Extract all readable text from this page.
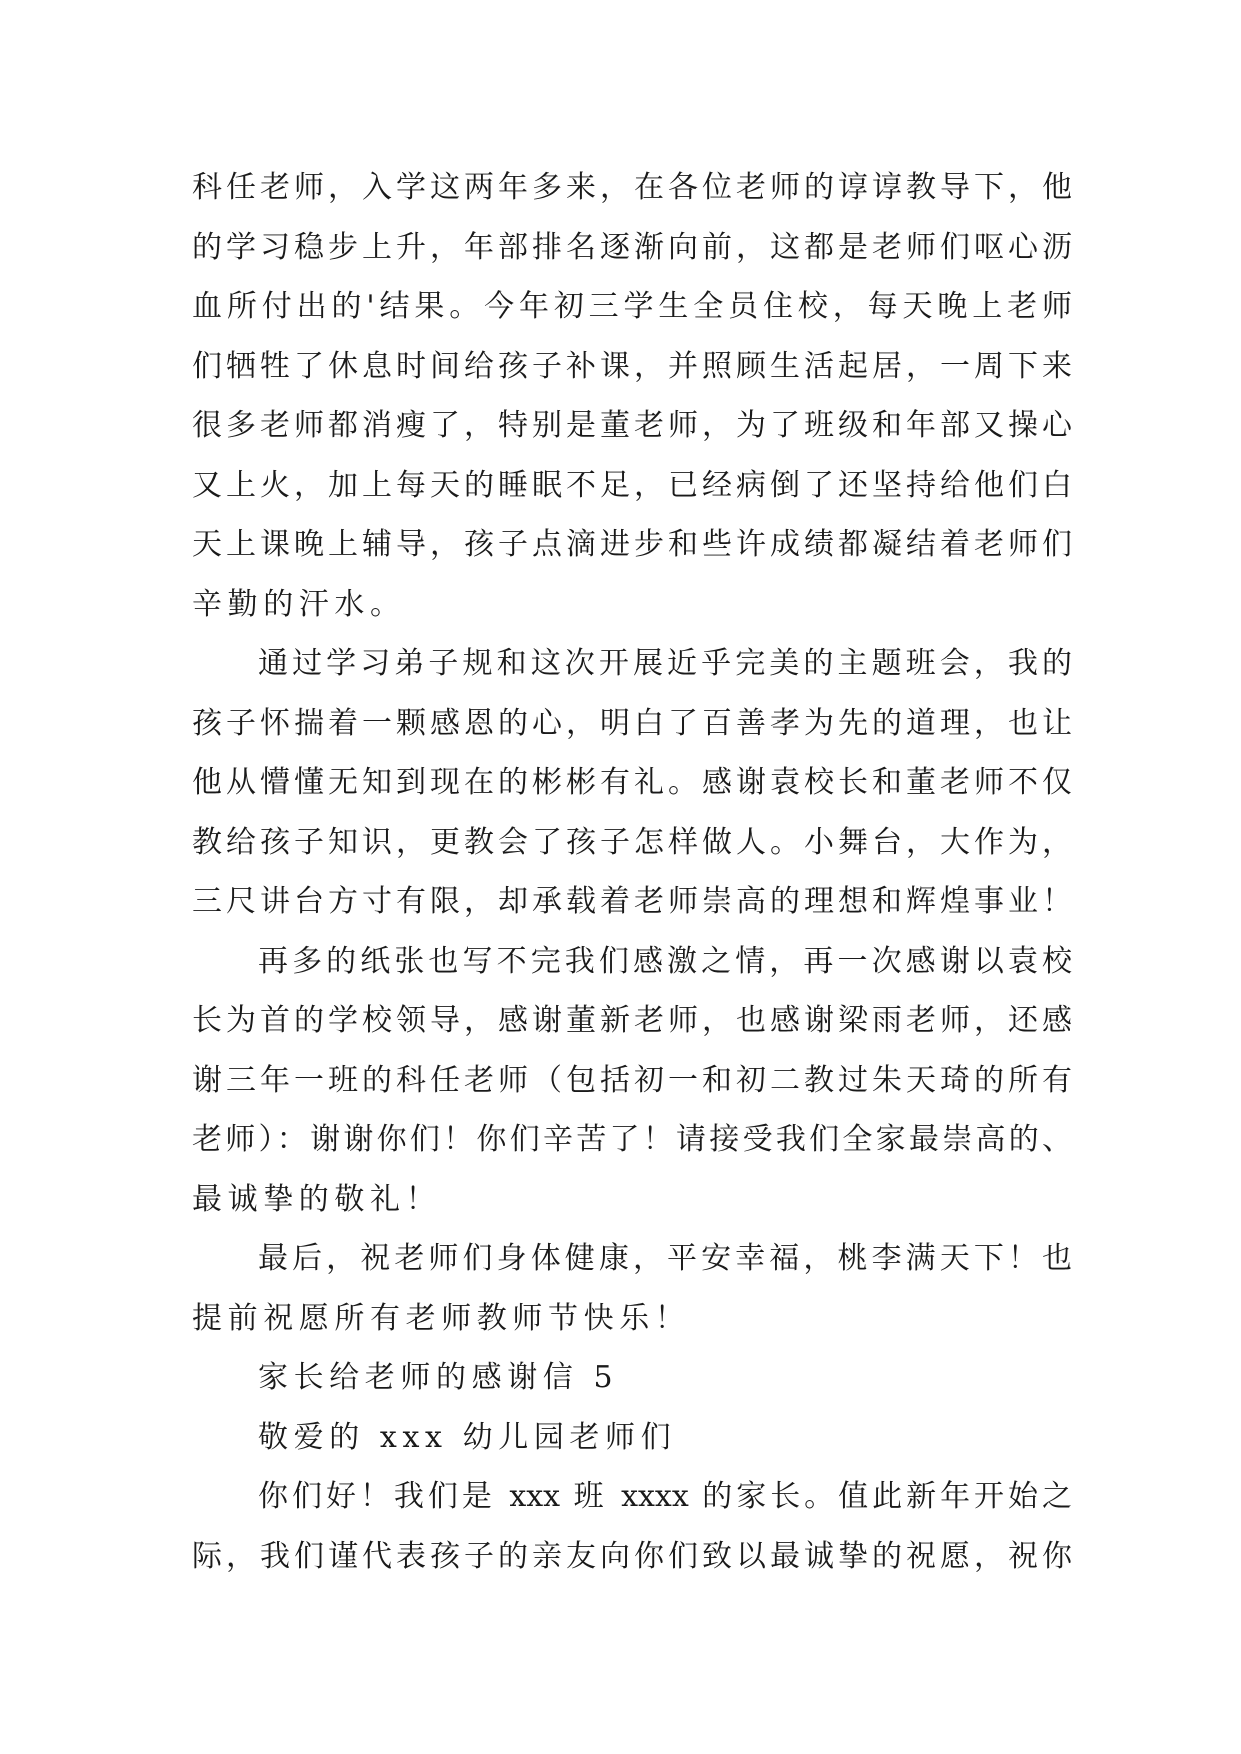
科任老师，入学这两年多来，在各位老师的谆谆教导下，他
的学习稳步上升，年部排名逐渐向前，这都是老师们呕心沥
血所付出的'结果。今年初三学生全员住校，每天晚上老师
们牺牲了休息时间给孩子补课，并照顾生活起居，一周下来
很多老师都消瘦了，特别是董老师，为了班级和年部又操心
又上火，加上每天的睡眠不足，已经病倒了还坚持给他们白
天上课晚上辅导，孩子点滴进步和些许成绩都凝结着老师们
辛勤的汗水。
通过学习弟子规和这次开展近乎完美的主题班会，我的
孩子怀揣着一颗感恩的心，明白了百善孝为先的道理，也让
他从懵懂无知到现在的彬彬有礼。感谢袁校长和董老师不仅
教给孩子知识，更教会了孩子怎样做人。小舞台，大作为，
三尺讲台方寸有限，却承载着老师崇高的理想和辉煌事业！
再多的纸张也写不完我们感激之情，再一次感谢以袁校
长为首的学校领导，感谢董新老师，也感谢梁雨老师，还感
谢三年一班的科任老师（包括初一和初二教过朱天琦的所有
老师）：谢谢你们！你们辛苦了！请接受我们全家最崇高的、
最诚挚的敬礼！
最后，祝老师们身体健康，平安幸福，桃李满天下！也
提前祝愿所有老师教师节快乐！
家长给老师的感谢信 5
敬爱的 xxx 幼儿园老师们
你们好！我们是 xxx 班 xxxx 的家长。值此新年开始之
际，我们谨代表孩子的亲友向你们致以最诚挚的祝愿，祝你
